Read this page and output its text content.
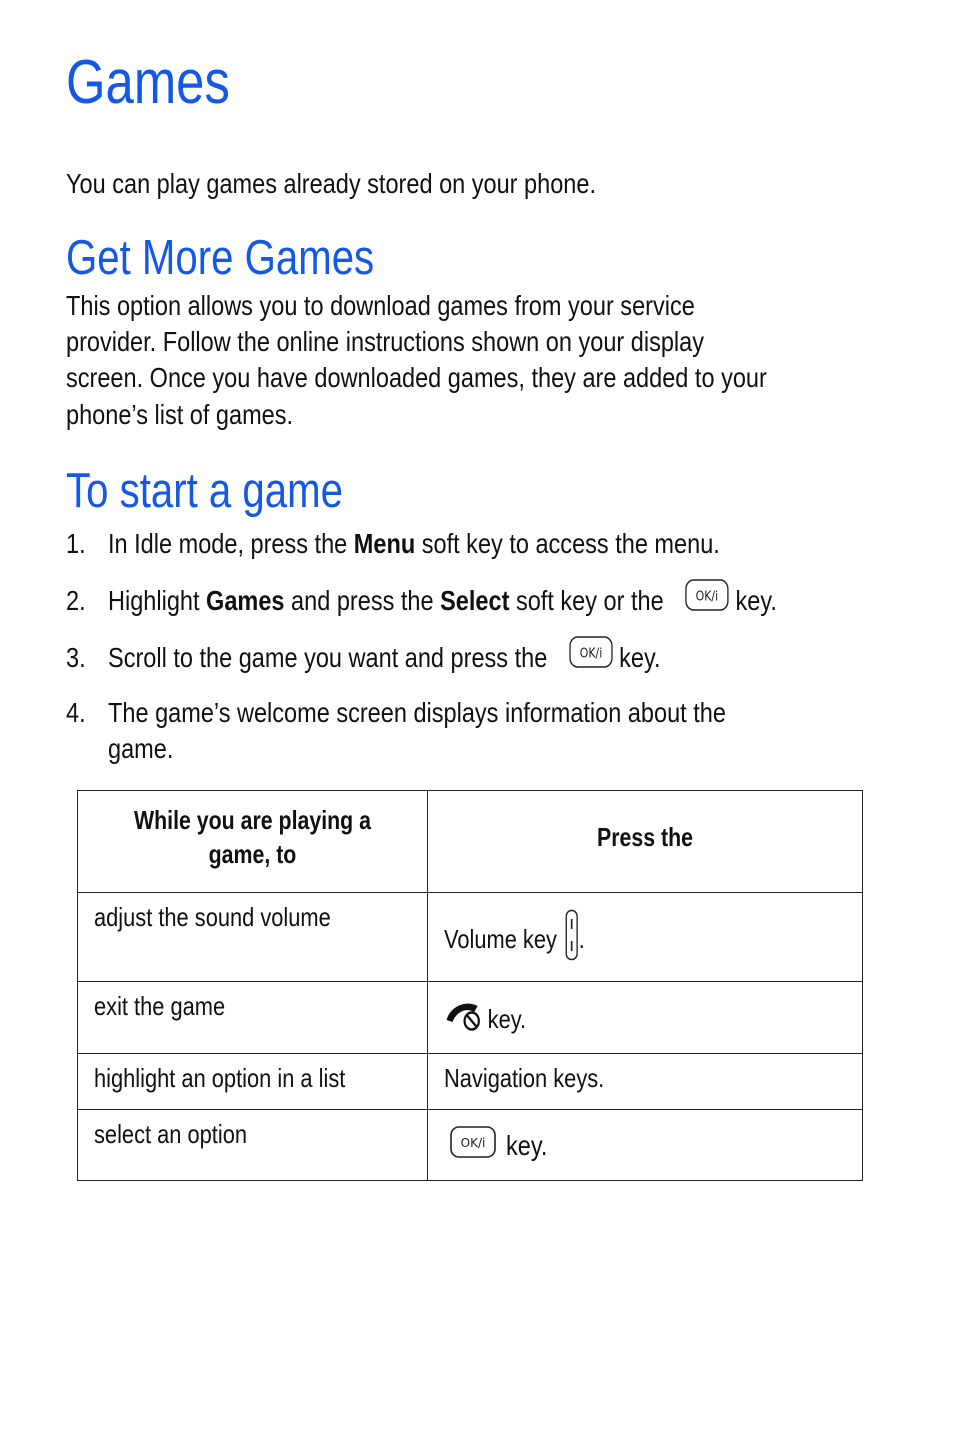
Games

You can play games already stored on your phone.

Get More Games

This option allows you to download games from your service

provider. Follow the online instructions shown on your display

screen. Once you have downloaded games, they are added to your

phone’s list of games.

To start a game

1. In Idle mode, press the Menu soft key to access the menu.

2. Highlight Games and press the Select soft key or the OK/i key.

3. Scroll to the game you want and press the OK/i key.

4. The game’s welcome screen displays information about the
game.

While you are playing a
game, to	Press the

adjust the sound volume	Volume key .

exit the game	key.

highlight an option in a list	Navigation keys.

select an option	OK/i key.
